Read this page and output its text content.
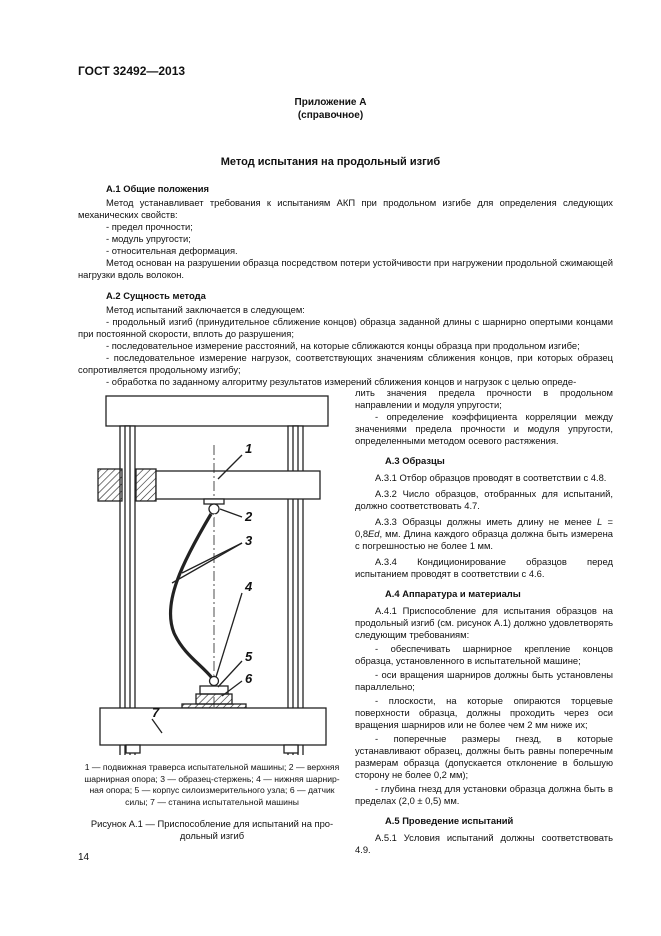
ГОСТ 32492—2013
Приложение А
(справочное)
Метод испытания на продольный изгиб
А.1 Общие положения

Метод устанавливает требования к испытаниям АКП при продольном изгибе для определения следующих механических свойств:

- предел прочности;

- модуль упругости;

- относительная деформация.

Метод основан на разрушении образца посредством потери устойчивости при нагружении продольной сжимающей нагрузки вдоль волокон.

А.2 Сущность метода

Метод испытаний заключается в следующем:

- продольный изгиб (принудительное сближение концов) образца заданной длины с шарнирно опертыми концами при постоянной скорости, вплоть до разрушения;

- последовательное измерение расстояний, на которые сближаются концы образца при продольном изгибе;

- последовательное измерение нагрузок, соответствующих значениям сближения концов, при которых образец сопротивляется продольному изгибу;

- обработка по заданному алгоритму результатов измерений сближения концов и нагрузок с целью опреде-

лить значения предела прочности в продольном направлении и модуля упругости;

- определение коэффициента корреляции между значениями предела прочности и модуля упругости, определенными методом осевого растяжения.

А.3 Образцы

А.3.1 Отбор образцов проводят в соответствии с 4.8.

А.3.2 Число образцов, отобранных для испытаний, должно соответствовать 4.7.

А.3.3 Образцы должны иметь длину не менее L = 0,8Ed, мм. Длина каждого образца должна быть измерена с погрешностью не более 1 мм.

А.3.4 Кондиционирование образцов перед испытанием проводят в соответствии с 4.6.

А.4 Аппаратура и материалы

А.4.1 Приспособление для испытания образцов на продольный изгиб (см. рисунок А.1) должно удовлетворять следующим требованиям:

- обеспечивать шарнирное крепление концов образца, установленного в испытательной машине;

- оси вращения шарниров должны быть установлены параллельно;

- плоскости, на которые опираются торцевые поверхности образца, должны проходить через оси вращения шарниров или не более чем 2 мм ниже их;

- поперечные размеры гнезд, в которые устанавливают образец, должны быть равны поперечным размерам образца (допускается отклонение в большую сторону не более 0,2 мм);

- глубина гнезд для установки образца должна быть в пределах (2,0 ± 0,5) мм.

А.5 Проведение испытаний

А.5.1 Условия испытаний должны соответствовать 4.9.

1
2
3
4
5
6
7
1 — подвижная траверса испытательной машины; 2 — верхняя
шарнирная опора; 3 — образец-стержень; 4 — нижняя шарнир-
ная опора; 5 — корпус силоизмерительного узла; 6 — датчик
силы; 7 — станина испытательной машины
Рисунок А.1 — Приспособление для испытаний на про-
дольный изгиб
14
